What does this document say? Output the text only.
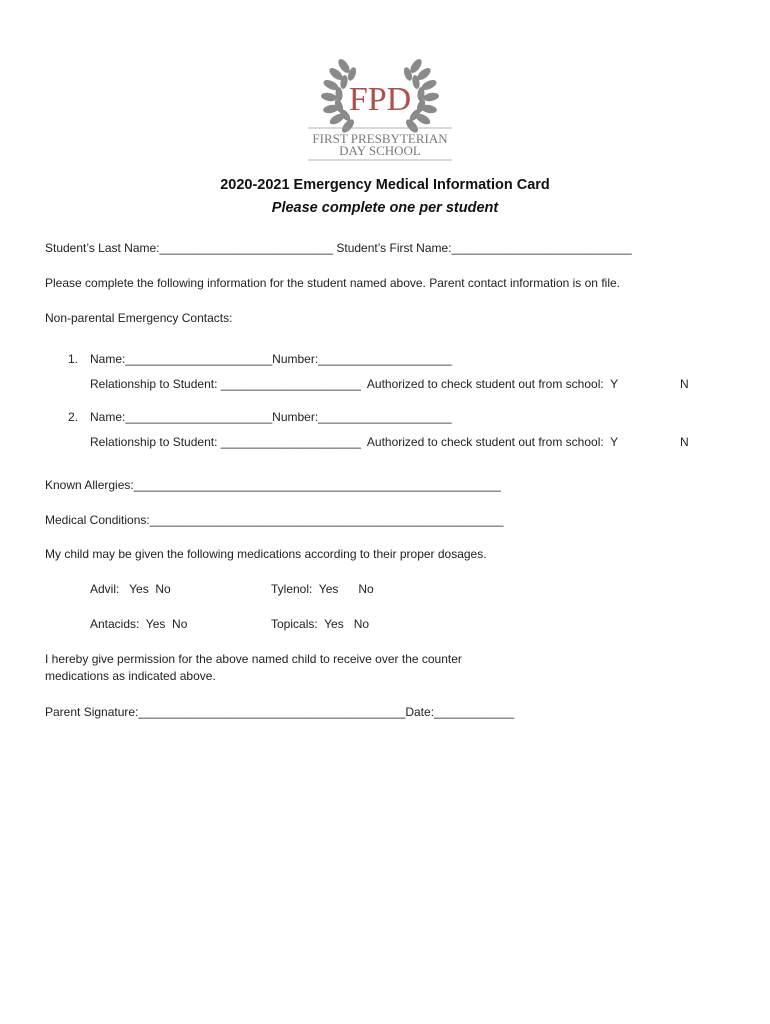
FPD
FIRST PRESBYTERIAN
DAY SCHOOL
2020-2021 Emergency Medical Information Card
Please complete one per student
Student’s Last Name:__________________________ Student’s First Name:___________________________
Please complete the following information for the student named above. Parent contact information is on file.
Non-parental Emergency Contacts:
1. Name:______________________Number:____________________
Relationship to Student: _____________________  Authorized to check student out from school:  Y	N
2. Name:______________________Number:____________________
Relationship to Student: _____________________  Authorized to check student out from school:  Y	N
Known Allergies:_______________________________________________________
Medical Conditions:_____________________________________________________
My child may be given the following medications according to their proper dosages.
Advil:   Yes  No	Tylenol:  Yes      No
Antacids:  Yes  No	Topicals:  Yes   No
I hereby give permission for the above named child to receive over the counter
medications as indicated above.
Parent Signature:________________________________________Date:____________
